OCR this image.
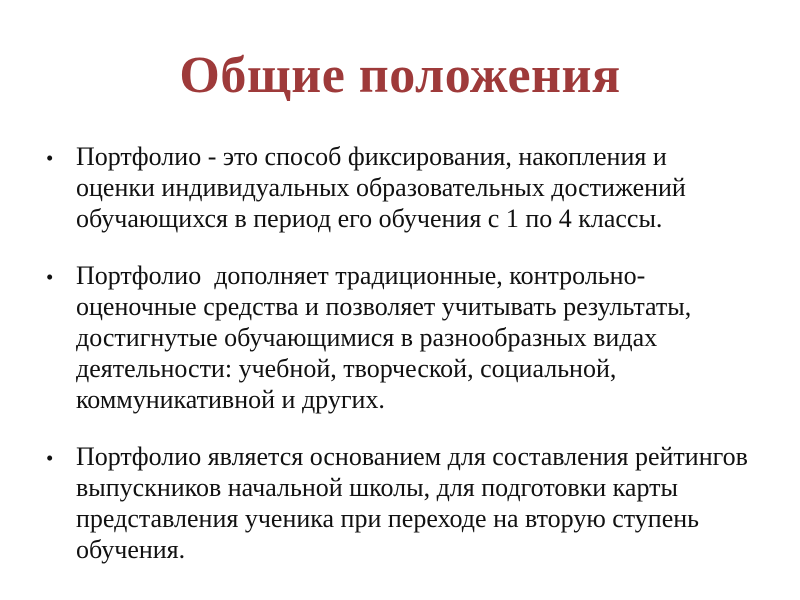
Общие положения
• Портфолио - это способ фиксирования, накопления и оценки индивидуальных образовательных достижений обучающихся в период его обучения с 1 по 4 классы.
• Портфолио  дополняет традиционные, контрольно-оценочные средства и позволяет учитывать результаты, достигнутые обучающимися в разнообразных видах деятельности: учебной, творческой, социальной, коммуникативной и других.
• Портфолио является основанием для составления рейтингов выпускников начальной школы, для подготовки карты представления ученика при переходе на вторую ступень обучения.
